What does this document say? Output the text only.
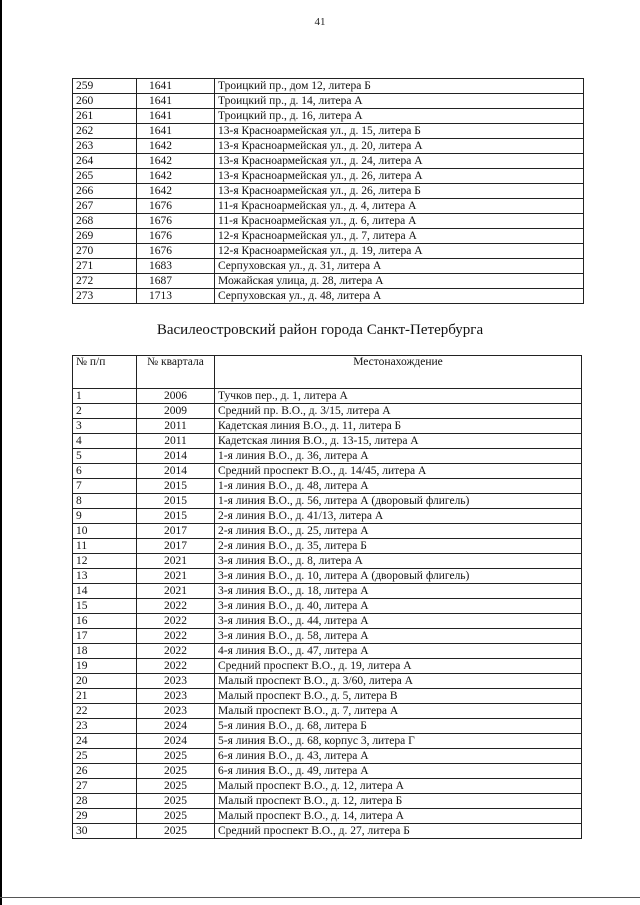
41
259	1641	Троицкий пр., дом 12, литера Б
260	1641	Троицкий пр., д. 14, литера А
261	1641	Троицкий пр., д. 16, литера А
262	1641	13-я Красноармейская ул., д. 15, литера Б
263	1642	13-я Красноармейская ул., д. 20, литера А
264	1642	13-я Красноармейская ул., д. 24, литера А
265	1642	13-я Красноармейская ул., д. 26, литера А
266	1642	13-я Красноармейская ул., д. 26, литера Б
267	1676	11-я Красноармейская ул., д. 4, литера А
268	1676	11-я Красноармейская ул., д. 6, литера А
269	1676	12-я Красноармейская ул., д. 7, литера А
270	1676	12-я Красноармейская ул., д. 19, литера А
271	1683	Серпуховская ул., д. 31, литера А
272	1687	Можайская улица, д. 28, литера А
273	1713	Серпуховская ул., д. 48, литера А
Василеостровский район города Санкт-Петербурга
№ п/п	№ квартала	Местонахождение
1	2006	Тучков пер., д. 1, литера А
2	2009	Средний пр. В.О., д. 3/15, литера А
3	2011	Кадетская линия В.О., д. 11, литера Б
4	2011	Кадетская линия В.О., д. 13-15, литера А
5	2014	1-я линия В.О., д. 36, литера А
6	2014	Средний проспект В.О., д. 14/45, литера А
7	2015	1-я линия В.О., д. 48, литера А
8	2015	1-я линия В.О., д. 56, литера А (дворовый флигель)
9	2015	2-я линия В.О., д. 41/13, литера А
10	2017	2-я линия В.О., д. 25, литера А
11	2017	2-я линия В.О., д. 35, литера Б
12	2021	3-я линия В.О., д. 8, литера А
13	2021	3-я линия В.О., д. 10, литера А (дворовый флигель)
14	2021	3-я линия В.О., д. 18, литера А
15	2022	3-я линия В.О., д. 40, литера А
16	2022	3-я линия В.О., д. 44, литера А
17	2022	3-я линия В.О., д. 58, литера А
18	2022	4-я линия В.О., д. 47, литера А
19	2022	Средний проспект В.О., д. 19, литера А
20	2023	Малый проспект В.О., д. 3/60, литера А
21	2023	Малый проспект В.О., д. 5, литера В
22	2023	Малый проспект В.О., д. 7, литера А
23	2024	5-я линия В.О., д. 68, литера Б
24	2024	5-я линия В.О., д. 68, корпус 3, литера Г
25	2025	6-я линия В.О., д. 43, литера А
26	2025	6-я линия В.О., д. 49, литера А
27	2025	Малый проспект В.О., д. 12, литера А
28	2025	Малый проспект В.О., д. 12, литера Б
29	2025	Малый проспект В.О., д. 14, литера А
30	2025	Средний проспект В.О., д. 27, литера Б
